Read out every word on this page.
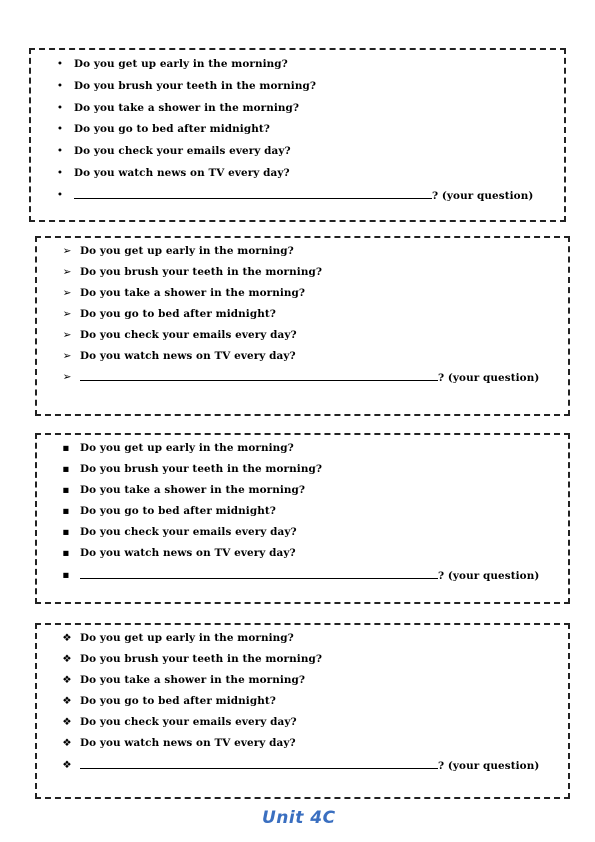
• Do you get up early in the morning?
• Do you brush your teeth in the morning?
• Do you take a shower in the morning?
• Do you go to bed after midnight?
• Do you check your emails every day?
• Do you watch news on TV every day?
•	? (your question)
➢ Do you get up early in the morning?
➢ Do you brush your teeth in the morning?
➢ Do you take a shower in the morning?
➢ Do you go to bed after midnight?
➢ Do you check your emails every day?
➢ Do you watch news on TV every day?
➢	? (your question)
▪ Do you get up early in the morning?
▪ Do you brush your teeth in the morning?
▪ Do you take a shower in the morning?
▪ Do you go to bed after midnight?
▪ Do you check your emails every day?
▪ Do you watch news on TV every day?
▪	? (your question)
❖ Do you get up early in the morning?
❖ Do you brush your teeth in the morning?
❖ Do you take a shower in the morning?
❖ Do you go to bed after midnight?
❖ Do you check your emails every day?
❖ Do you watch news on TV every day?
❖	? (your question)
Unit 4C
